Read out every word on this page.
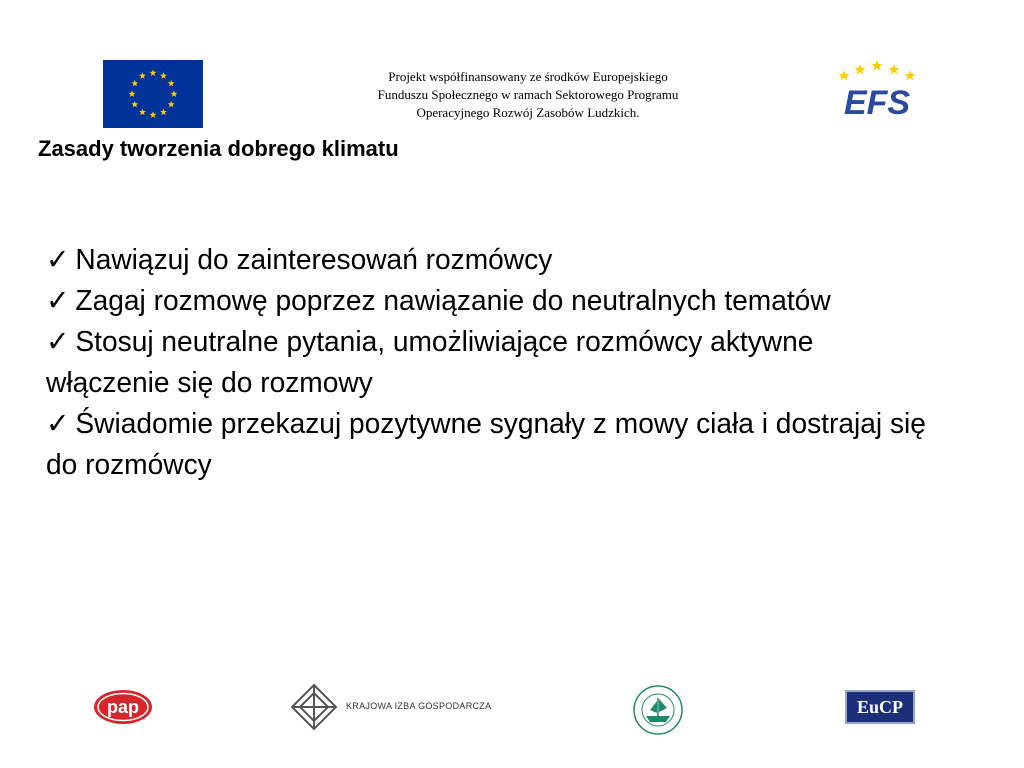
Projekt współfinansowany ze środków Europejskiego
Funduszu Społecznego w ramach Sektorowego Programu
Operacyjnego Rozwój Zasobów Ludzkich.	EFS
Zasady tworzenia dobrego klimatu
✓ Nawiązuj do zainteresowań rozmówcy
✓ Zagaj rozmowę poprzez nawiązanie do neutralnych tematów
✓ Stosuj neutralne pytania, umożliwiające rozmówcy aktywne włączenie się do rozmowy
✓ Świadomie przekazuj pozytywne sygnały z mowy ciała i dostrajaj się do rozmówcy
pap	KRAJOWA IZBA GOSPODARCZA	EuCP
